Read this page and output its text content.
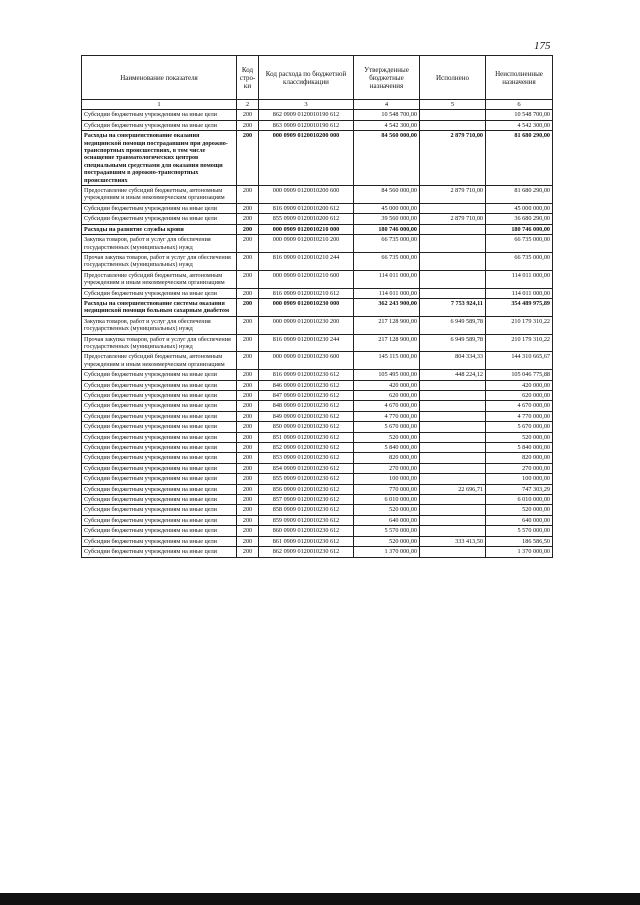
175
Наименование показателя	Код стро-ки	Код расхода по бюджетной классификации	Утвержденные бюджетные назначения	Исполнено	Неисполненные назначения
1	2	3	4	5	6
Субсидии бюджетным учреждениям на иные цели	200	862 0909 0120010190 612	10 548 700,00		10 548 700,00
Субсидии бюджетным учреждениям на иные цели	200	863 0909 0120010190 612	4 542 300,00		4 542 300,00
Расходы на совершенствование оказания медицинской помощи пострадавшим при дорожно-транспортных происшествиях, в том числе оснащение травматологических центров специальными средствами для оказания помощи пострадавшим в дорожно-транспортных происшествиях	200	000 0909 0120010200 000	84 560 000,00	2 879 710,00	81 680 290,00
Предоставление субсидий бюджетным, автономным учреждениям и иным некоммерческим организациям	200	000 0909 0120010200 600	84 560 000,00	2 879 710,00	81 680 290,00
Субсидии бюджетным учреждениям на иные цели	200	816 0909 0120010200 612	45 000 000,00		45 000 000,00
Субсидии бюджетным учреждениям на иные цели	200	855 0909 0120010200 612	39 560 000,00	2 879 710,00	36 680 290,00
Расходы на развитие службы крови	200	000 0909 0120010210 000	180 746 000,00		180 746 000,00
Закупка товаров, работ и услуг для обеспечения государственных (муниципальных) нужд	200	000 0909 0120010210 200	66 735 000,00		66 735 000,00
Прочая закупка товаров, работ и услуг для обеспечения государственных (муниципальных) нужд	200	816 0909 0120010210 244	66 735 000,00		66 735 000,00
Предоставление субсидий бюджетным, автономным учреждениям и иным некоммерческим организациям	200	000 0909 0120010210 600	114 011 000,00		114 011 000,00
Субсидии бюджетным учреждениям на иные цели	200	816 0909 0120010210 612	114 011 000,00		114 011 000,00
Расходы на совершенствование системы оказания медицинской помощи больным сахарным диабетом	200	000 0909 0120010230 000	362 243 900,00	7 753 924,11	354 489 975,89
Закупка товаров, работ и услуг для обеспечения государственных (муниципальных) нужд	200	000 0909 0120010230 200	217 128 900,00	6 949 589,78	210 179 310,22
Прочая закупка товаров, работ и услуг для обеспечения государственных (муниципальных) нужд	200	816 0909 0120010230 244	217 128 900,00	6 949 589,78	210 179 310,22
Предоставление субсидий бюджетным, автономным учреждениям и иным некоммерческим организациям	200	000 0909 0120010230 600	145 115 000,00	804 334,33	144 310 665,67
Субсидии бюджетным учреждениям на иные цели	200	816 0909 0120010230 612	105 495 000,00	448 224,12	105 046 775,88
Субсидии бюджетным учреждениям на иные цели	200	846 0909 0120010230 612	420 000,00		420 000,00
Субсидии бюджетным учреждениям на иные цели	200	847 0909 0120010230 612	620 000,00		620 000,00
Субсидии бюджетным учреждениям на иные цели	200	848 0909 0120010230 612	4 670 000,00		4 670 000,00
Субсидии бюджетным учреждениям на иные цели	200	849 0909 0120010230 612	4 770 000,00		4 770 000,00
Субсидии бюджетным учреждениям на иные цели	200	850 0909 0120010230 612	5 670 000,00		5 670 000,00
Субсидии бюджетным учреждениям на иные цели	200	851 0909 0120010230 612	520 000,00		520 000,00
Субсидии бюджетным учреждениям на иные цели	200	852 0909 0120010230 612	5 840 000,00		5 840 000,00
Субсидии бюджетным учреждениям на иные цели	200	853 0909 0120010230 612	820 000,00		820 000,00
Субсидии бюджетным учреждениям на иные цели	200	854 0909 0120010230 612	270 000,00		270 000,00
Субсидии бюджетным учреждениям на иные цели	200	855 0909 0120010230 612	100 000,00		100 000,00
Субсидии бюджетным учреждениям на иные цели	200	856 0909 0120010230 612	770 000,00	22 696,71	747 303,29
Субсидии бюджетным учреждениям на иные цели	200	857 0909 0120010230 612	6 010 000,00		6 010 000,00
Субсидии бюджетным учреждениям на иные цели	200	858 0909 0120010230 612	520 000,00		520 000,00
Субсидии бюджетным учреждениям на иные цели	200	859 0909 0120010230 612	640 000,00		640 000,00
Субсидии бюджетным учреждениям на иные цели	200	860 0909 0120010230 612	5 570 000,00		5 570 000,00
Субсидии бюджетным учреждениям на иные цели	200	861 0909 0120010230 612	520 000,00	333 413,50	186 586,50
Субсидии бюджетным учреждениям на иные цели	200	862 0909 0120010230 612	1 370 000,00		1 370 000,00
